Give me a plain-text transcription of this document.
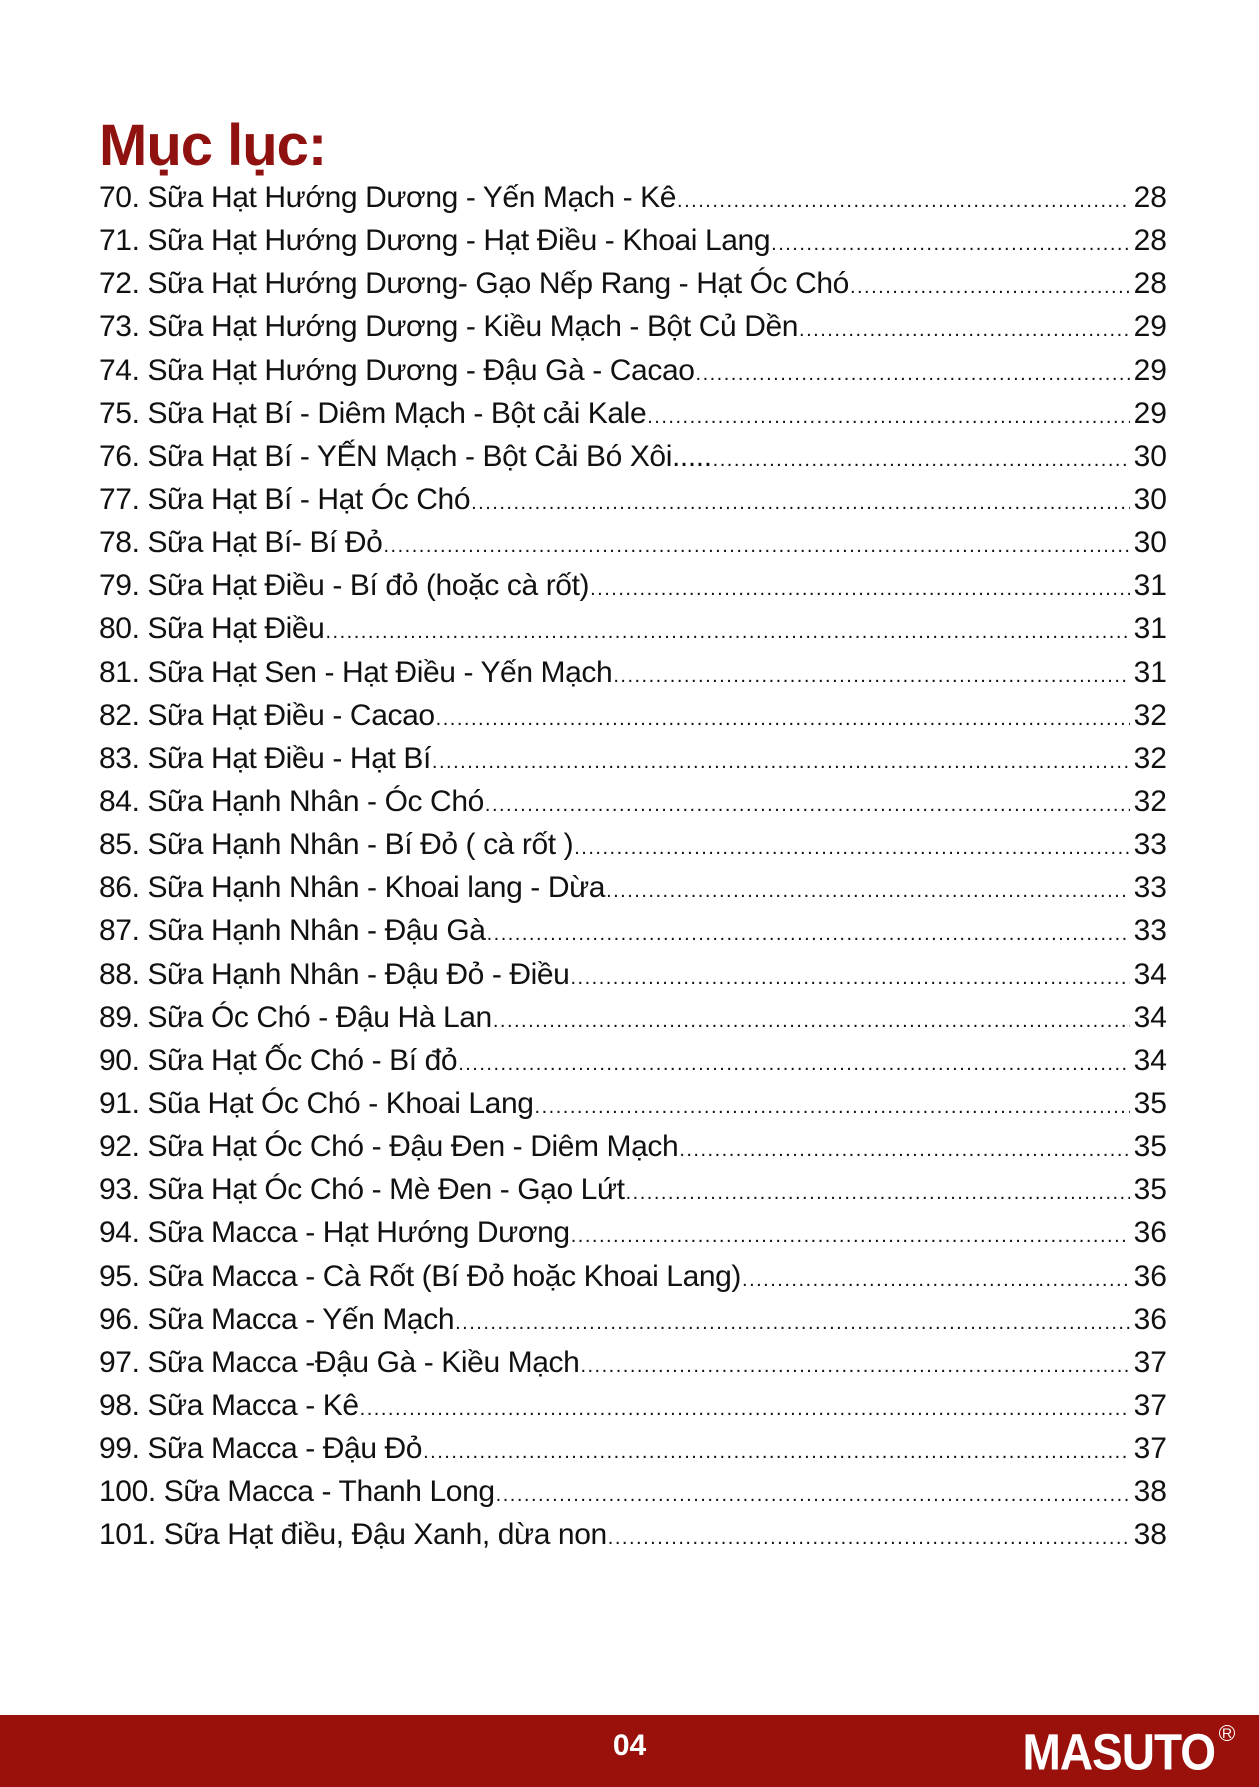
Mục lục:
70. Sữa Hạt Hướng Dương - Yến Mạch - Kê .....	28
71. Sữa Hạt Hướng Dương - Hạt Điều - Khoai Lang .....	28
72. Sữa Hạt Hướng Dương- Gạo Nếp Rang - Hạt Óc Chó .....	28
73. Sữa Hạt Hướng Dương - Kiều Mạch - Bột Củ Dền .....	29
74. Sữa Hạt Hướng Dương - Đậu Gà - Cacao .....	29
75. Sữa Hạt Bí - Diêm Mạch - Bột cải Kale .....	29
76. Sữa Hạt Bí - YẾN Mạch - Bột Cải Bó Xôi..... .....	30
77. Sữa Hạt Bí - Hạt Óc Chó .....	30
78. Sữa Hạt Bí- Bí Đỏ .....	30
79. Sữa Hạt Điều - Bí đỏ (hoặc cà rốt) .....	31
80. Sữa Hạt Điều .....	31
81. Sữa Hạt Sen - Hạt Điều - Yến Mạch .....	31
82. Sữa Hạt Điều - Cacao .....	32
83. Sữa Hạt Điều - Hạt Bí .....	32
84. Sữa Hạnh Nhân - Óc Chó .....	32
85. Sữa Hạnh Nhân - Bí Đỏ ( cà rốt ) .....	33
86. Sữa Hạnh Nhân - Khoai lang - Dừa .....	33
87. Sữa Hạnh Nhân - Đậu Gà .....	33
88. Sữa Hạnh Nhân - Đậu Đỏ - Điều .....	34
89. Sữa Óc Chó - Đậu Hà Lan .....	34
90. Sữa Hạt Ốc Chó - Bí đỏ .....	34
91. Sũa Hạt Óc Chó - Khoai Lang .....	35
92. Sữa Hạt Óc Chó - Đậu Đen - Diêm Mạch .....	35
93. Sữa Hạt Óc Chó - Mè Đen - Gạo Lứt .....	35
94. Sữa Macca - Hạt Hướng Dương .....	36
95. Sữa Macca - Cà Rốt (Bí Đỏ hoặc Khoai Lang) .....	36
96. Sữa Macca - Yến Mạch .....	36
97. Sữa Macca -Đậu Gà - Kiều Mạch .....	37
98. Sữa Macca - Kê .....	37
99. Sữa Macca - Đậu Đỏ .....	37
100. Sữa Macca - Thanh Long .....	38
101. Sữa Hạt điều, Đậu Xanh, dừa non .....	38
04	MASUTO R
